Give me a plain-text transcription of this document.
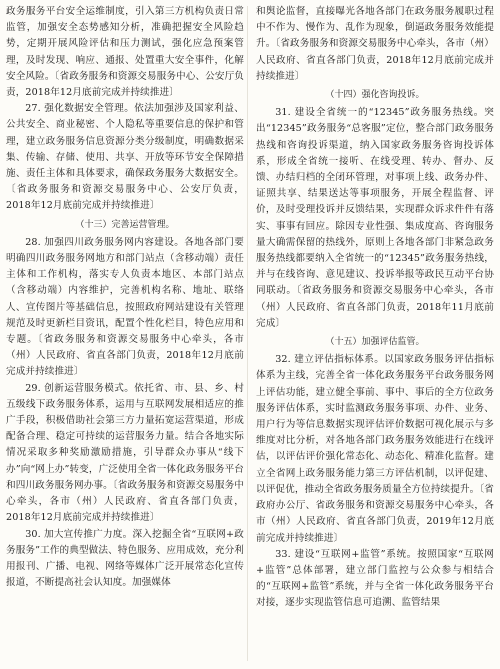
政务服务平台安全运维制度，引入第三方机构负责日常监管，加强安全态势感知分析，准确把握安全风险趋势，定期开展风险评估和压力测试，强化应急预案管理，及时发现、响应、通报、处置重大安全事件，化解安全风险。〔省政务服务和资源交易服务中心、公安厅负责，2018年12月底前完成并持续推进〕

27. 强化数据安全管理。依法加强涉及国家利益、公共安全、商业秘密、个人隐私等重要信息的保护和管理，建立政务服务信息资源分类分级制度，明确数据采集、传输、存储、使用、共享、开放等环节安全保障措施、责任主体和具体要求，确保政务服务大数据安全。〔省政务服务和资源交易服务中心、公安厅负责，2018年12月底前完成并持续推进〕

（十三）完善运营管理。

28. 加强四川政务服务网内容建设。各地各部门要明确四川政务服务网地方和部门站点（含移动端）责任主体和工作机构，落实专人负责本地区、本部门站点（含移动端）内容维护，完善机构名称、地址、联络人、宣传图片等基础信息，按照政府网站建设有关管理规范及时更新栏目资讯，配置个性化栏目，特色应用和专题。〔省政务服务和资源交易服务中心牵头，各市（州）人民政府、省直各部门负责，2018年12月底前完成并持续推进〕

29. 创新运营服务模式。依托省、市、县、乡、村五级线下政务服务体系，运用与互联网发展相适应的推广手段，积极借助社会第三方力量拓宽运营渠道，形成配备合理、稳定可持续的运营服务力量。结合各地实际情况采取多种奖励激励措施，引导群众办事从“线下办”向“网上办”转变，广泛使用全省一体化政务服务平台和四川政务服务网办事。〔省政务服务和资源交易服务中心牵头，各市（州）人民政府、省直各部门负责，2018年12月底前完成并持续推进〕

30. 加大宣传推广力度。深入挖掘全省“互联网+政务服务”工作的典型做法、特色服务、应用成效，充分利用报刊、广播、电视、网络等媒体广泛开展常态化宣传报道，不断提高社会认知度。加强媒体

和舆论监督，直接曝光各地各部门在政务服务履职过程中不作为、慢作为、乱作为现象，倒逼政务服务效能提升。〔省政务服务和资源交易服务中心牵头，各市（州）人民政府、省直各部门负责，2018年12月底前完成并持续推进〕

（十四）强化咨询投诉。

31. 建设全省统一的“12345”政务服务热线。突出“12345”政务服务“总客服”定位，整合部门政务服务热线和咨询投诉渠道，纳入国家政务服务咨询投诉体系，形成全省统一接听、在线受理、转办、督办、反馈、办结归档的全闭环管理，对事项上线、政务办件、证照共享、结果送达等事项服务，开展全程监督、评价，及时受理投诉并反馈结果，实现群众诉求件件有落实、事事有回应。除因专业性强、集成度高、咨询服务量大确需保留的热线外，原则上各地各部门非紧急政务服务热线都要纳入全省统一的“12345”政务服务热线，并与在线咨询、意见建议、投诉举报等政民互动平台协同联动。〔省政务服务和资源交易服务中心牵头，各市（州）人民政府、省直各部门负责，2018年11月底前完成〕

（十五）加强评估监管。

32. 建立评估指标体系。以国家政务服务评估指标体系为主线，完善全省一体化政务服务平台政务服务网上评估功能，建立健全事前、事中、事后的全方位政务服务评估体系，实时监测政务服务事项、办件、业务、用户行为等信息数据实现评估评价数据可视化展示与多维度对比分析，对各地各部门政务服务效能进行在线评估，以评估评价强化常态化、动态化、精准化监督。建立全省网上政务服务能力第三方评估机制，以评促建、以评促优，推动全省政务服务质量全方位持续提升。〔省政府办公厅、省政务服务和资源交易服务中心牵头，各市（州）人民政府、省直各部门负责，2019年12月底前完成并持续推进〕

33. 建设“互联网+监管”系统。按照国家“互联网+监管”总体部署，建立部门监控与公众参与相结合的“互联网+监管”系统，并与全省一体化政务服务平台对接，逐步实现监管信息可追溯、监管结果
